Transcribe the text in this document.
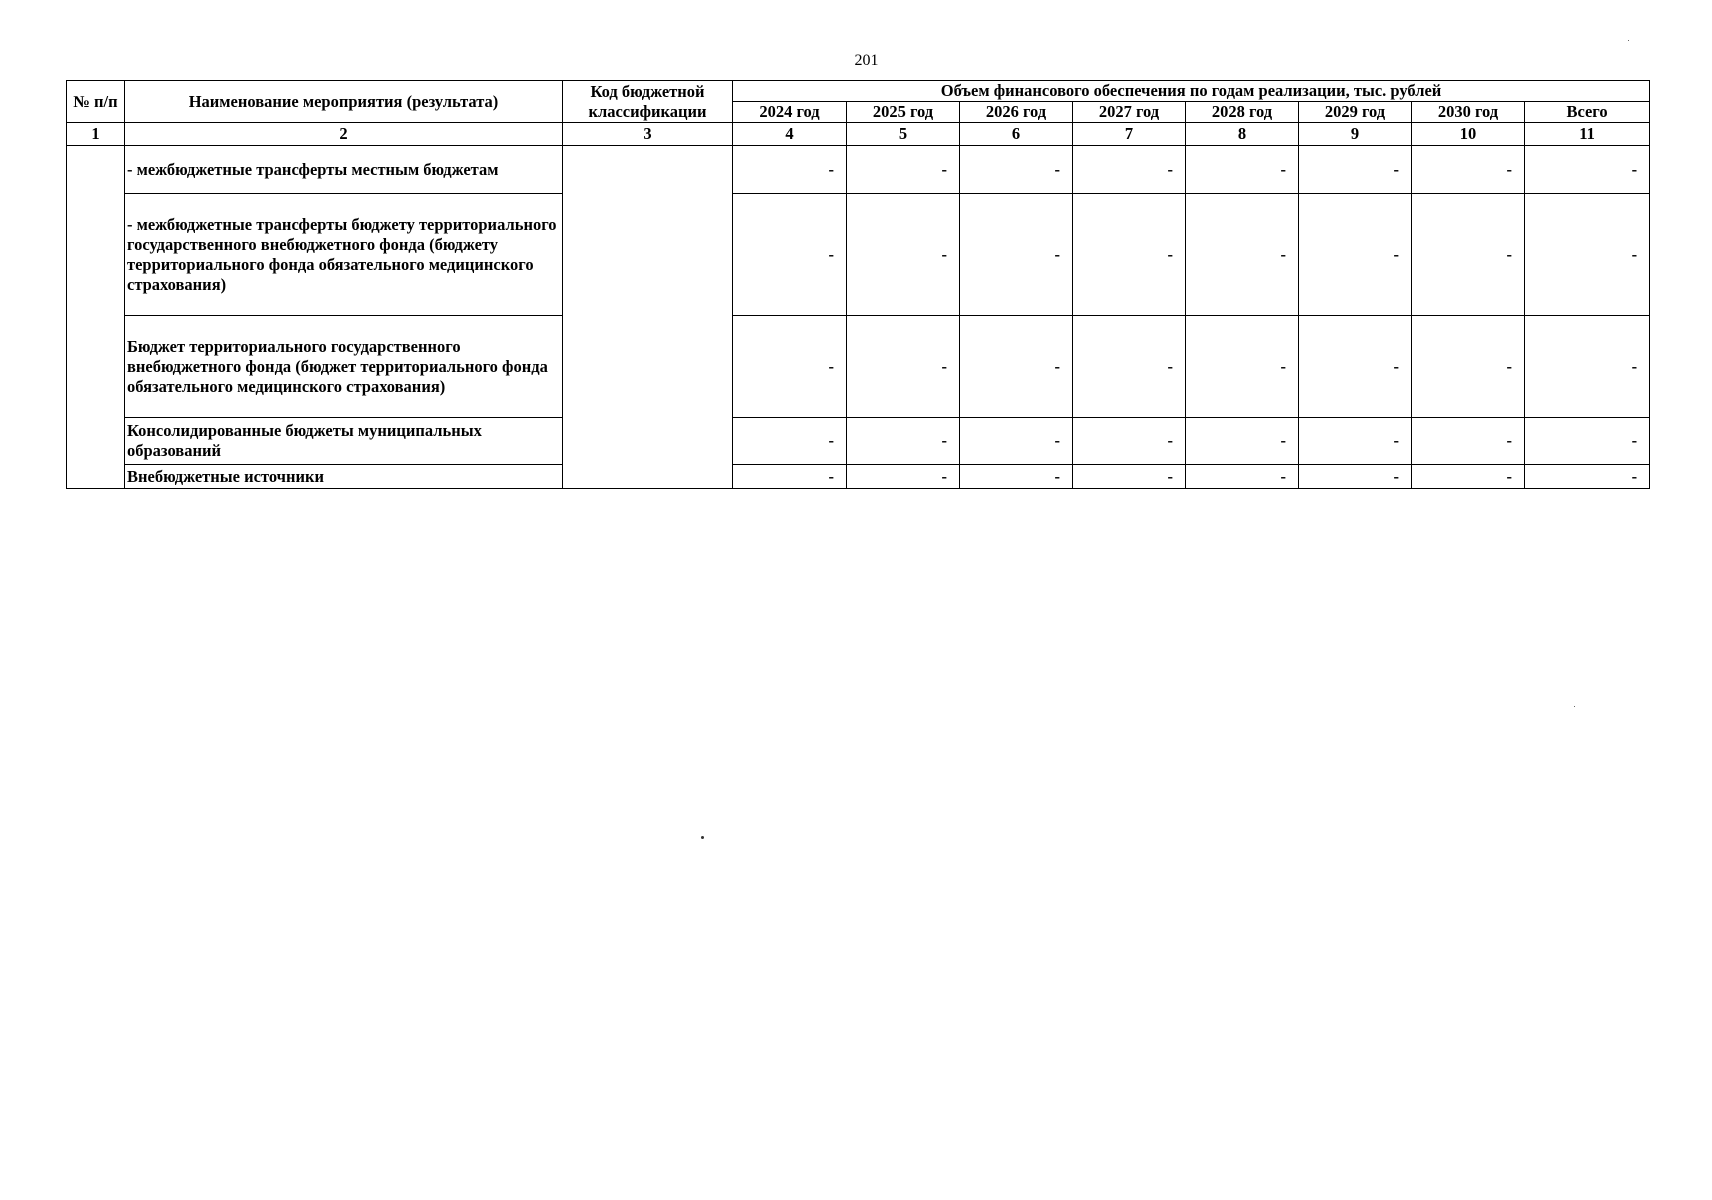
201
№ п/п	Наименование мероприятия (результата)	Код бюджетной классификации	Объем финансового обеспечения по годам реализации, тыс. рублей							
			2024 год	2025 год	2026 год	2027 год	2028 год	2029 год	2030 год	Всего
1	2	3	4	5	6	7	8	9	10	11
	- межбюджетные трансферты местным бюджетам		-	-	-	-	-	-	-	-
	- межбюджетные трансферты бюджету территориального государственного внебюджетного фонда (бюджету территориального фонда обязательного медицинского страхования)		-	-	-	-	-	-	-	-
	Бюджет территориального государственного внебюджетного фонда (бюджет территориального фонда обязательного медицинского страхования)		-	-	-	-	-	-	-	-
	Консолидированные бюджеты муниципальных образований		-	-	-	-	-	-	-	-
	Внебюджетные источники		-	-	-	-	-	-	-	-
